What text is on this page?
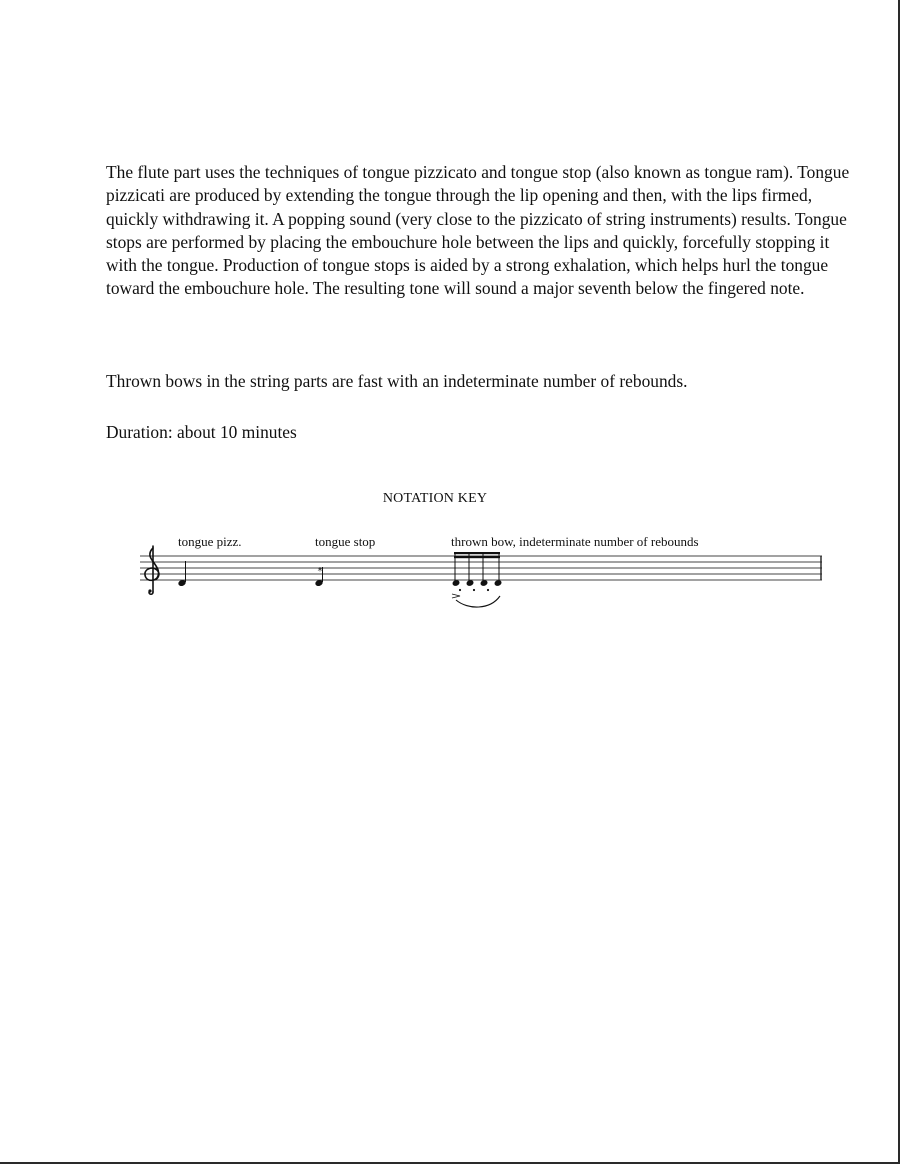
The flute part uses the techniques of tongue pizzicato and tongue stop (also known as tongue ram). Tongue pizzicati are produced by extending the tongue through the lip opening and then, with the lips firmed, quickly withdrawing it. A popping sound (very close to the pizzicato of string instruments) results. Tongue stops are performed by placing the embouchure hole between the lips and quickly, forcefully stopping it with the tongue. Production of tongue stops is aided by a strong exhalation, which helps hurl the tongue toward the embouchure hole. The resulting tone will sound a major seventh below the fingered note.

Thrown bows in the string parts are fast with an indeterminate number of rebounds.

Duration: about 10 minutes

NOTATION KEY
tongue pizz.	tongue stop	thrown bow, indeterminate number of rebounds
*
